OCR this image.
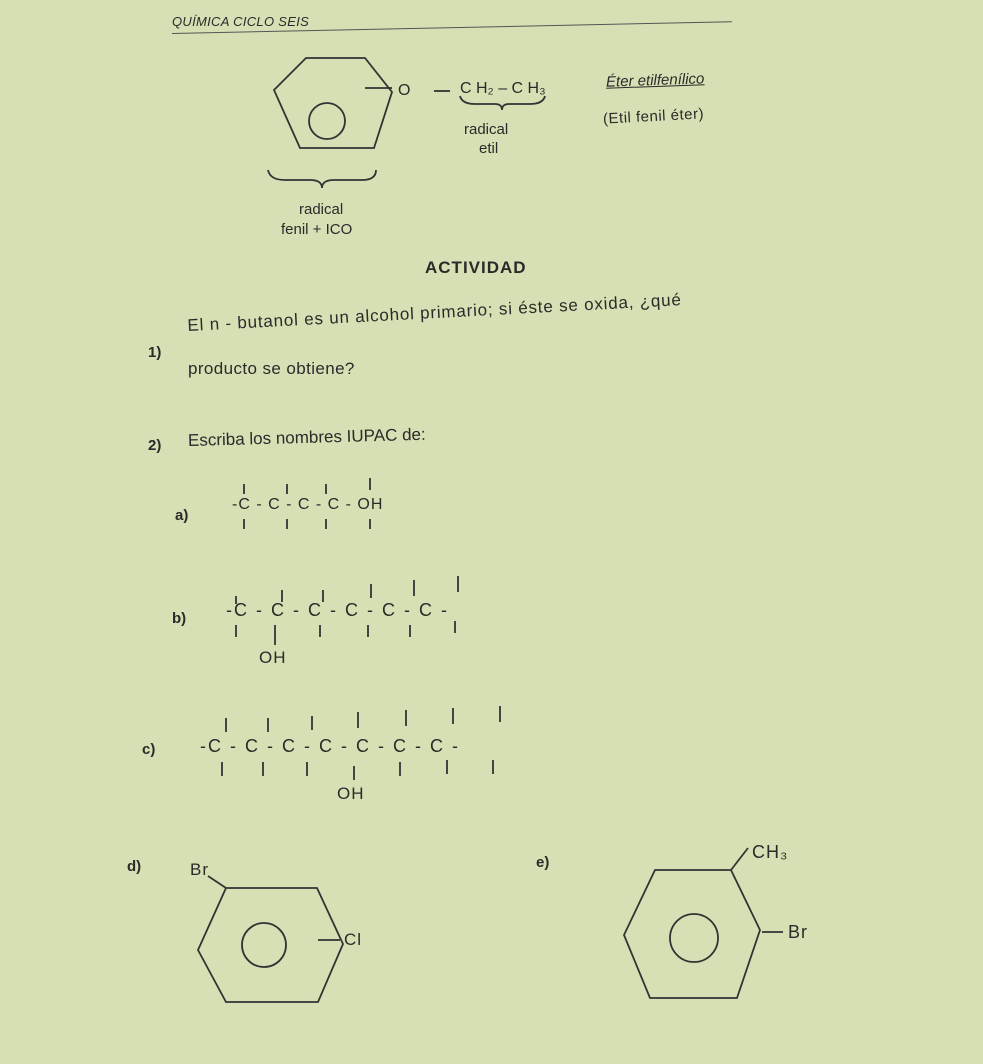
QUÍMICA CICLO SEIS
O	C H₂ – C H₃	Éter etilfenílico
(Etil fenil éter)
radical
etil
radical
fenil + ICO
ACTIVIDAD
1)
El n - butanol es un alcohol primario; si éste se oxida, ¿qué
producto se obtiene?
2) Escriba los nombres IUPAC de:
a)
-C - C - C - C - OH
b) -C - C - C - C - C - C -
OH
c) -C - C - C - C - C - C - C -
OH
d)	Br
Cl
e)
CH₃
Br
